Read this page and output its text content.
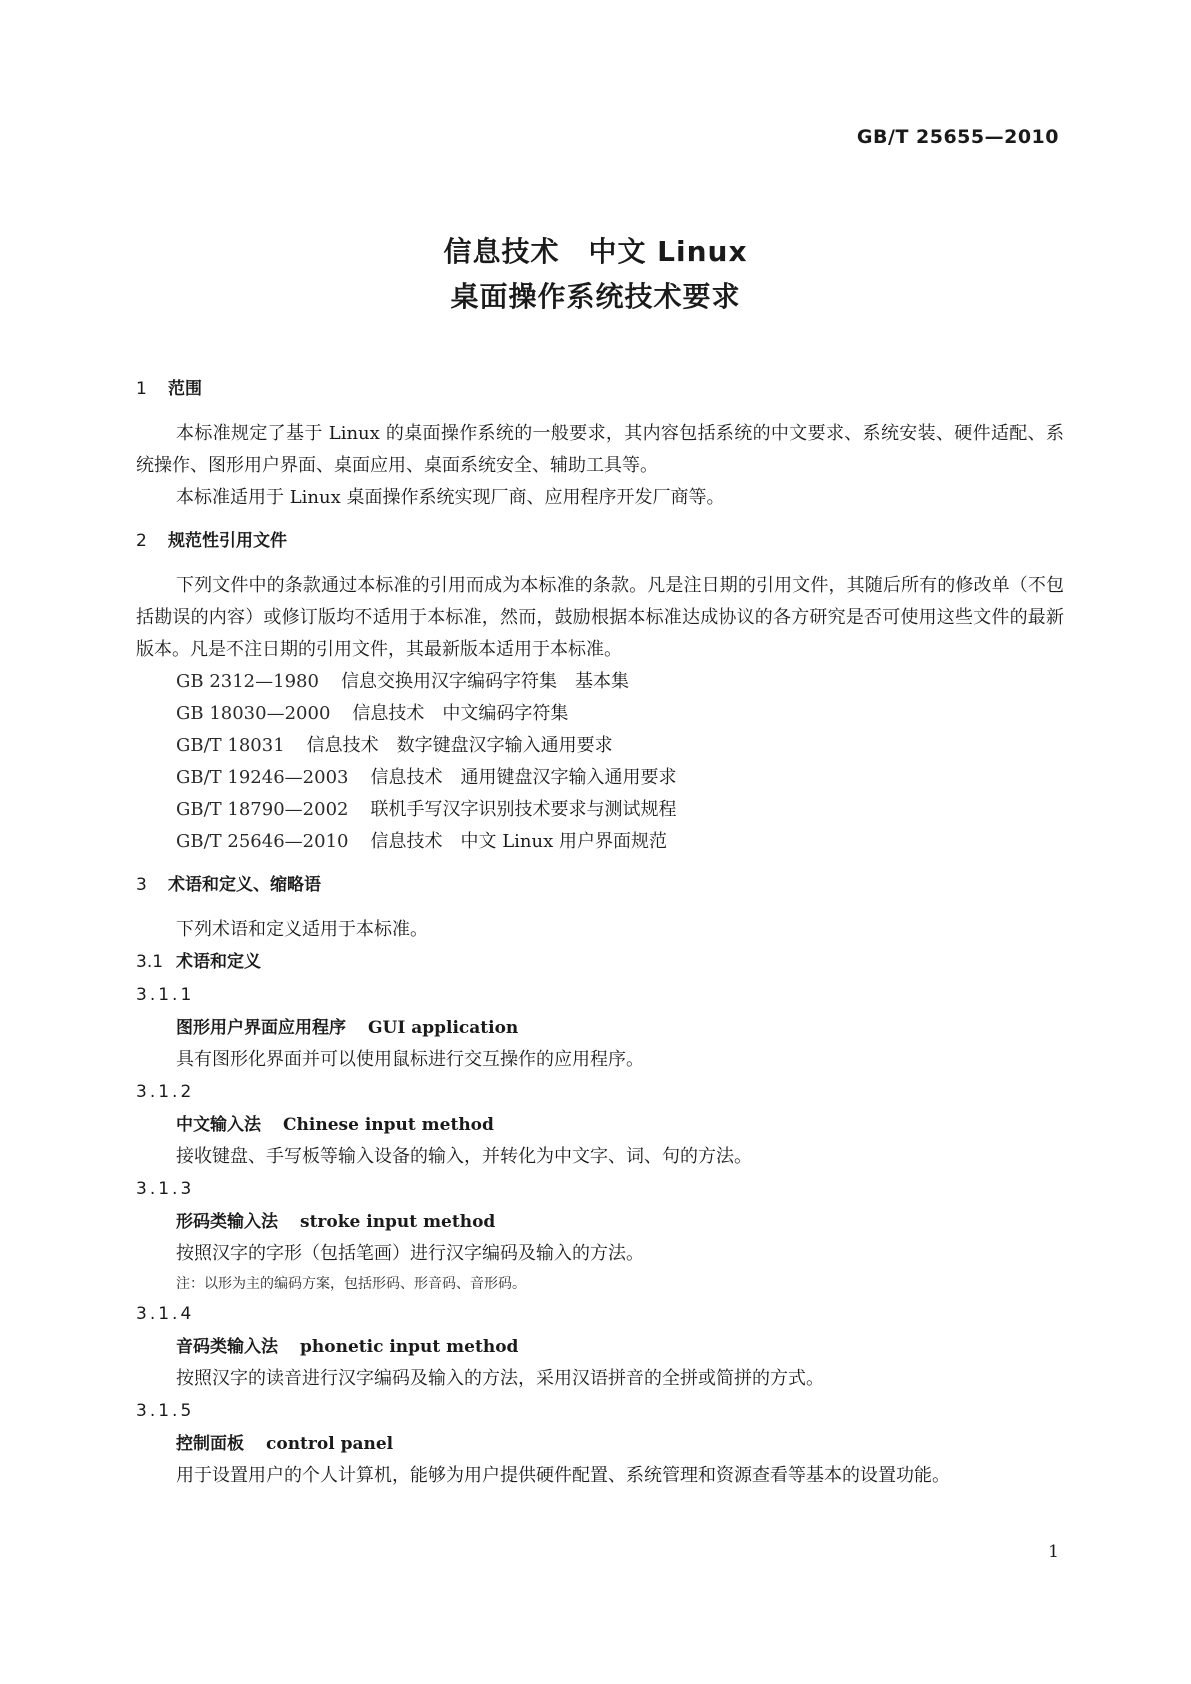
GB/T 25655—2010
信息技术　中文 Linux
桌面操作系统技术要求
1 范围

本标准规定了基于 Linux 的桌面操作系统的一般要求，其内容包括系统的中文要求、系统安装、硬件适配、系统操作、图形用户界面、桌面应用、桌面系统安全、辅助工具等。

本标准适用于 Linux 桌面操作系统实现厂商、应用程序开发厂商等。

2 规范性引用文件

下列文件中的条款通过本标准的引用而成为本标准的条款。凡是注日期的引用文件，其随后所有的修改单（不包括勘误的内容）或修订版均不适用于本标准，然而，鼓励根据本标准达成协议的各方研究是否可使用这些文件的最新版本。凡是不注日期的引用文件，其最新版本适用于本标准。

GB 2312—1980 信息交换用汉字编码字符集　基本集
GB 18030—2000 信息技术　中文编码字符集
GB/T 18031 信息技术　数字键盘汉字输入通用要求
GB/T 19246—2003 信息技术　通用键盘汉字输入通用要求
GB/T 18790—2002 联机手写汉字识别技术要求与测试规程
GB/T 25646—2010 信息技术　中文 Linux 用户界面规范
3 术语和定义、缩略语

下列术语和定义适用于本标准。

3.1 术语和定义
3.1.1
图形用户界面应用程序 GUI application
具有图形化界面并可以使用鼠标进行交互操作的应用程序。
3.1.2
中文输入法 Chinese input method
接收键盘、手写板等输入设备的输入，并转化为中文字、词、句的方法。
3.1.3
形码类输入法 stroke input method
按照汉字的字形（包括笔画）进行汉字编码及输入的方法。
注：以形为主的编码方案，包括形码、形音码、音形码。
3.1.4
音码类输入法 phonetic input method
按照汉字的读音进行汉字编码及输入的方法，采用汉语拼音的全拼或简拼的方式。
3.1.5
控制面板 control panel
用于设置用户的个人计算机，能够为用户提供硬件配置、系统管理和资源查看等基本的设置功能。
1
